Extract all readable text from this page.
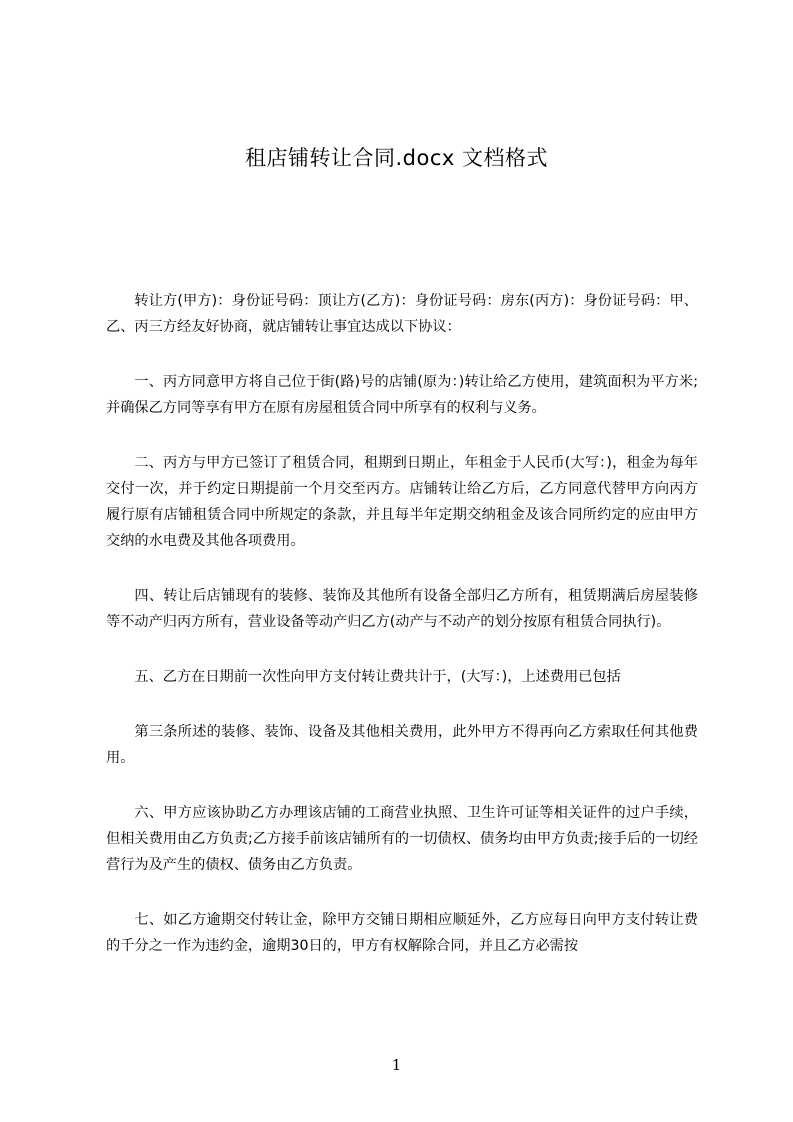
租店铺转让合同.docx 文档格式

转让方(甲方)：身份证号码：顶让方(乙方)：身份证号码：房东(丙方)：身份证号码：甲、乙、丙三方经友好协商，就店铺转让事宜达成以下协议：

一、丙方同意甲方将自己位于街(路)号的店铺(原为：)转让给乙方使用，建筑面积为平方米;并确保乙方同等享有甲方在原有房屋租赁合同中所享有的权利与义务。

二、丙方与甲方已签订了租赁合同，租期到日期止，年租金于人民币(大写：)，租金为每年交付一次，并于约定日期提前一个月交至丙方。店铺转让给乙方后，乙方同意代替甲方向丙方履行原有店铺租赁合同中所规定的条款，并且每半年定期交纳租金及该合同所约定的应由甲方交纳的水电费及其他各项费用。

四、转让后店铺现有的装修、装饰及其他所有设备全部归乙方所有，租赁期满后房屋装修等不动产归丙方所有，营业设备等动产归乙方(动产与不动产的划分按原有租赁合同执行)。

五、乙方在日期前一次性向甲方支付转让费共计于，(大写：)，上述费用已包括

第三条所述的装修、装饰、设备及其他相关费用，此外甲方不得再向乙方索取任何其他费用。

六、甲方应该协助乙方办理该店铺的工商营业执照、卫生许可证等相关证件的过户手续，但相关费用由乙方负责;乙方接手前该店铺所有的一切债权、债务均由甲方负责;接手后的一切经营行为及产生的债权、债务由乙方负责。

七、如乙方逾期交付转让金，除甲方交铺日期相应顺延外，乙方应每日向甲方支付转让费的千分之一作为违约金，逾期30日的，甲方有权解除合同，并且乙方必需按

1
